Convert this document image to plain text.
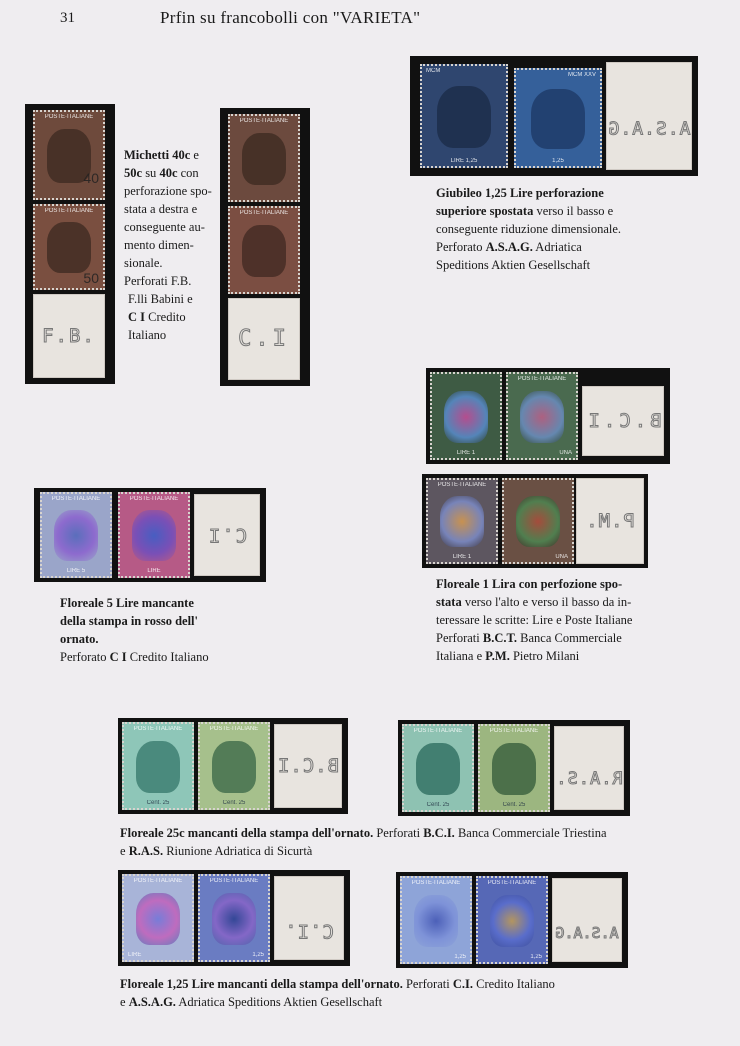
31	Prfin su francobolli con "VARIETA"
POSTE·ITALIANE
40
POSTE·ITALIANE
50
F.B.
POSTE·ITALIANE
POSTE·ITALIANE
C.I
Michetti 40c e
50c su 40c con
perforazione spo-
stata a destra e
conseguente au-
mento dimen-
sionale.
Perforati F.B.
F.lli Babini e
C I Credito
Italiano
MCM
LIRE 1,25
MCM XXV
1,25
A.S.A.G
Giubileo 1,25 Lire perforazione
superiore spostata verso il basso e
conseguente riduzione dimensionale.
Perforato A.S.A.G. Adriatica
Speditions Aktien Gesellschaft
LIRE 1
POSTE·ITALIANE
UNA
B.C.I
POSTE·ITALIANE
LIRE 1	UNA
P.M.
Floreale 1 Lira con perfozione spo-
stata verso l'alto e verso il basso da in-
teressare le scritte: Lire e Poste Italiane
Perforati B.C.T. Banca Commerciale
Italiana e P.M. Pietro Milani
POSTE·ITALIANE
LIRE 5
POSTE·ITALIANE
LIRE
C.I
Floreale 5 Lire mancante
della stampa in rosso dell'
ornato.
Perforato C I Credito Italiano
POSTE·ITALIANE
Cent. 25
POSTE·ITALIANE
Cent. 25
B.C.I
POSTE·ITALIANE
Cent. 25
POSTE·ITALIANE
Cent. 25
R.A.S.
Floreale 25c mancanti della stampa dell'ornato. Perforati B.C.I. Banca Commerciale Triestina
e R.A.S. Riunione Adriatica di Sicurtà
POSTE·ITALIANE
LIRE
POSTE·ITALIANE
1,25
C.I.
POSTE·ITALIANE
1,25
POSTE·ITALIANE
1,25
A.S.A.G
Floreale 1,25 Lire mancanti della stampa dell'ornato. Perforati C.I. Credito Italiano
e A.S.A.G. Adriatica Speditions Aktien Gesellschaft
